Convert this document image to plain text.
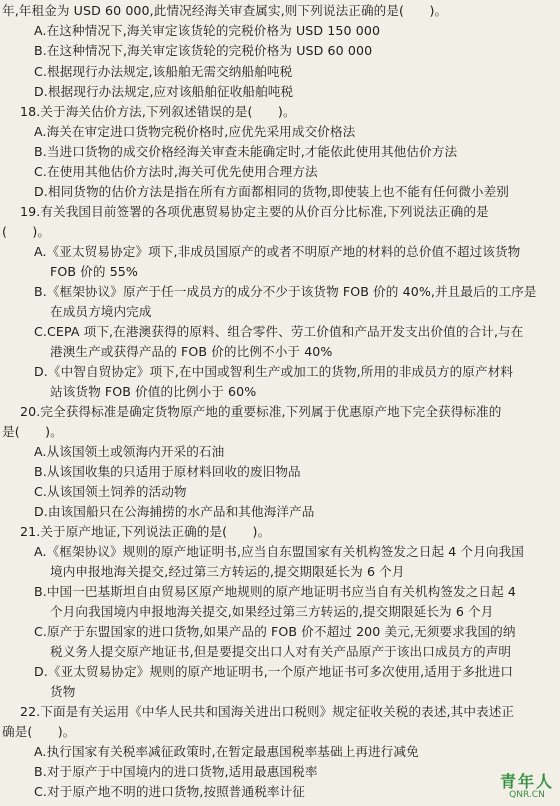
年,年租金为 USD 60 000,此情况经海关审查属实,则下列说法正确的是(　　)。
A.在这种情况下,海关审定该货轮的完税价格为 USD 150 000
B.在这种情况下,海关审定该货轮的完税价格为 USD 60 000
C.根据现行办法规定,该船舶无需交纳船舶吨税
D.根据现行办法规定,应对该船舶征收船舶吨税
18.关于海关估价方法,下列叙述错误的是(　　)。
A.海关在审定进口货物完税价格时,应优先采用成交价格法
B.当进口货物的成交价格经海关审查未能确定时,才能依此使用其他估价方法
C.在使用其他估价方法时,海关可优先使用合理方法
D.相同货物的估价方法是指在所有方面都相同的货物,即使装上也不能有任何微小差别
19.有关我国目前签署的各项优惠贸易协定主要的从价百分比标准,下列说法正确的是
(　　)。
A.《亚太贸易协定》项下,非成员国原产的或者不明原产地的材料的总价值不超过该货物
FOB 价的 55%
B.《框架协议》原产于任一成员方的成分不少于该货物 FOB 价的 40%,并且最后的工序是
在成员方境内完成
C.CEPA 项下,在港澳获得的原料、组合零件、劳工价值和产品开发支出价值的合计,与在
港澳生产或获得产品的 FOB 价的比例不小于 40%
D.《中智自贸协定》项下,在中国或智利生产或加工的货物,所用的非成员方的原产材料
站该货物 FOB 价值的比例小于 60%
20.完全获得标准是确定货物原产地的重要标准,下列属于优惠原产地下完全获得标准的
是(　　)。
A.从该国领土或领海内开采的石油
B.从该国收集的只适用于原材料回收的废旧物品
C.从该国领土饲养的活动物
D.由该国船只在公海捕捞的水产品和其他海洋产品
21.关于原产地证,下列说法正确的是(　　)。
A.《框架协议》规则的原产地证明书,应当自东盟国家有关机构签发之日起 4 个月向我国
境内申报地海关提交,经过第三方转运的,提交期限延长为 6 个月
B.中国一巴基斯坦自由贸易区原产地规则的原产地证明书应当自有关机构签发之日起 4
个月向我国境内申报地海关提交,如果经过第三方转运的,提交期限延长为 6 个月
C.原产于东盟国家的进口货物,如果产品的 FOB 价不超过 200 美元,无须要求我国的纳
税义务人提交原产地证书,但是要提交出口人对有关产品原产于该出口成员方的声明
D.《亚太贸易协定》规则的原产地证明书,一个原产地证书可多次使用,适用于多批进口
货物
22.下面是有关运用《中华人民共和国海关进出口税则》规定征收关税的表述,其中表述正
确是(　　)。
A.执行国家有关税率减征政策时,在暂定最惠国税率基础上再进行减免
B.对于原产于中国境内的进口货物,适用最惠国税率
C.对于原产地不明的进口货物,按照普通税率计征
青年人
QNR.CN
